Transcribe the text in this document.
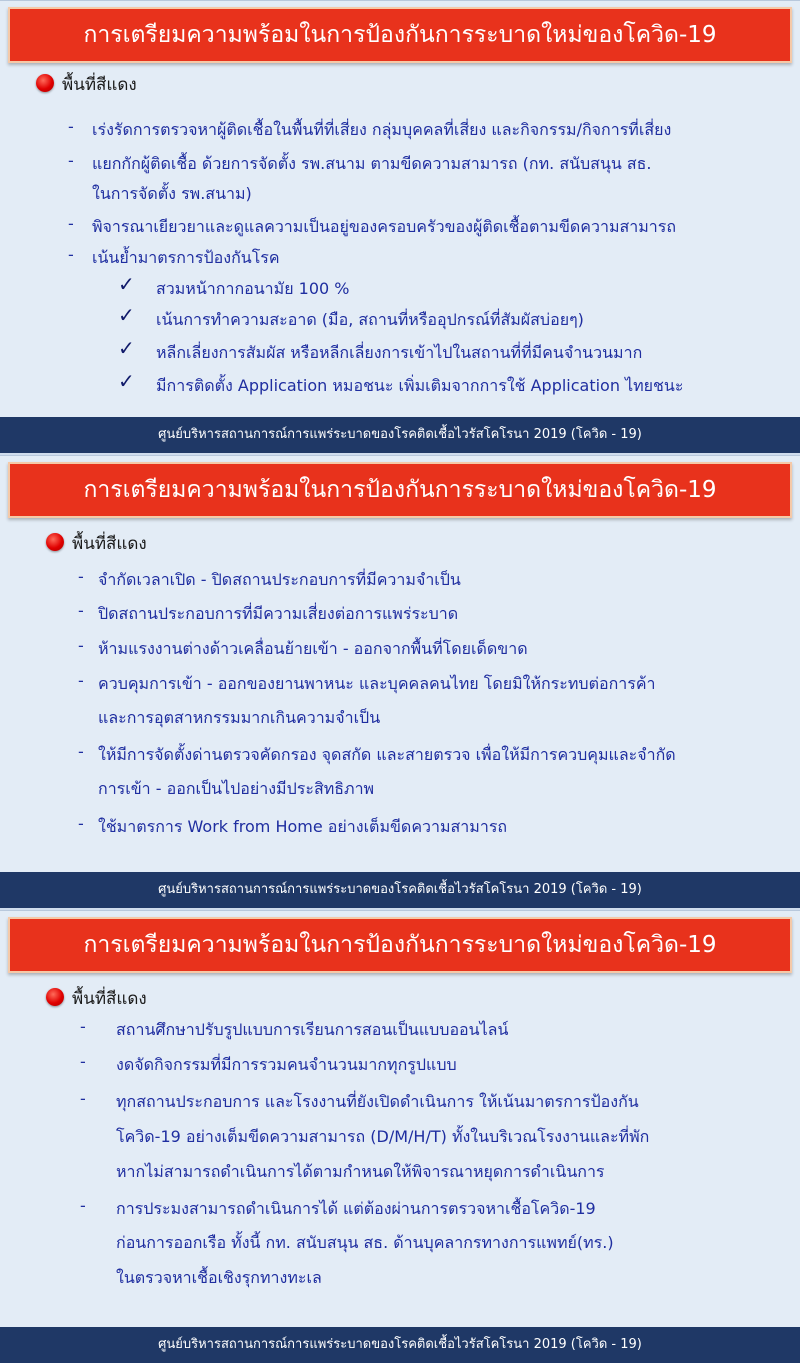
การเตรียมความพร้อมในการป้องกันการระบาดใหม่ของโควิด-19
พื้นที่สีแดง
- เร่งรัดการตรวจหาผู้ติดเชื้อในพื้นที่ที่เสี่ยง กลุ่มบุคคลที่เสี่ยง และกิจกรรม/กิจการที่เสี่ยง
- แยกกักผู้ติดเชื้อ ด้วยการจัดตั้ง รพ.สนาม ตามขีดความสามารถ (กท. สนับสนุน สธ.
ในการจัดตั้ง รพ.สนาม)
- พิจารณาเยียวยาและดูแลความเป็นอยู่ของครอบครัวของผู้ติดเชื้อตามขีดความสามารถ
- เน้นย้ำมาตรการป้องกันโรค
✓ สวมหน้ากากอนามัย 100 %
✓ เน้นการทำความสะอาด (มือ, สถานที่หรืออุปกรณ์ที่สัมผัสบ่อยๆ)
✓ หลีกเลี่ยงการสัมผัส หรือหลีกเลี่ยงการเข้าไปในสถานที่ที่มีคนจำนวนมาก
✓ มีการติดตั้ง Application หมอชนะ เพิ่มเติมจากการใช้ Application ไทยชนะ
ศูนย์บริหารสถานการณ์การแพร่ระบาดของโรคติดเชื้อไวรัสโคโรนา 2019 (โควิด - 19)
การเตรียมความพร้อมในการป้องกันการระบาดใหม่ของโควิด-19
พื้นที่สีแดง
- จำกัดเวลาเปิด - ปิดสถานประกอบการที่มีความจำเป็น
- ปิดสถานประกอบการที่มีความเสี่ยงต่อการแพร่ระบาด
- ห้ามแรงงานต่างด้าวเคลื่อนย้ายเข้า - ออกจากพื้นที่โดยเด็ดขาด
- ควบคุมการเข้า - ออกของยานพาหนะ และบุคคลคนไทย โดยมิให้กระทบต่อการค้า
และการอุตสาหกรรมมากเกินความจำเป็น
- ให้มีการจัดตั้งด่านตรวจคัดกรอง จุดสกัด และสายตรวจ เพื่อให้มีการควบคุมและจำกัด
การเข้า - ออกเป็นไปอย่างมีประสิทธิภาพ
- ใช้มาตรการ Work from Home อย่างเต็มขีดความสามารถ
ศูนย์บริหารสถานการณ์การแพร่ระบาดของโรคติดเชื้อไวรัสโคโรนา 2019 (โควิด - 19)
การเตรียมความพร้อมในการป้องกันการระบาดใหม่ของโควิด-19
พื้นที่สีแดง
- สถานศึกษาปรับรูปแบบการเรียนการสอนเป็นแบบออนไลน์
- งดจัดกิจกรรมที่มีการรวมคนจำนวนมากทุกรูปแบบ
- ทุกสถานประกอบการ และโรงงานที่ยังเปิดดำเนินการ ให้เน้นมาตรการป้องกัน
โควิด-19 อย่างเต็มขีดความสามารถ (D/M/H/T) ทั้งในบริเวณโรงงานและที่พัก
หากไม่สามารถดำเนินการได้ตามกำหนดให้พิจารณาหยุดการดำเนินการ
- การประมงสามารถดำเนินการได้ แต่ต้องผ่านการตรวจหาเชื้อโควิด-19
ก่อนการออกเรือ ทั้งนี้ กท. สนับสนุน สธ. ด้านบุคลากรทางการแพทย์(ทร.)
ในตรวจหาเชื้อเชิงรุกทางทะเล
ศูนย์บริหารสถานการณ์การแพร่ระบาดของโรคติดเชื้อไวรัสโคโรนา 2019 (โควิด - 19)
